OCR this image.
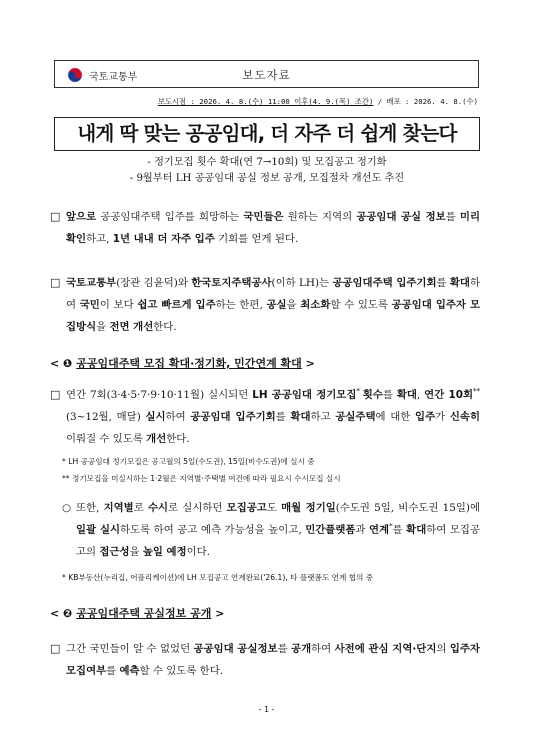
국토교통부	보도자료
보도시점 : 2026. 4. 8.(수) 11:00 이후(4. 9.(목) 조간) / 배포 : 2026. 4. 8.(수)
내게 딱 맞는 공공임대, 더 자주 더 쉽게 찾는다
- 정기모집 횟수 확대(연 7→10회) 및 모집공고 정기화
- 9월부터 LH 공공임대 공실 정보 공개, 모집절차 개선도 추진
□ 앞으로 공공임대주택 입주를 희망하는 국민들은 원하는 지역의 공공임대 공실 정보를 미리 확인하고, 1년 내내 더 자주 입주 기회를 얻게 된다.
□ 국토교통부(장관 김윤덕)와 한국토지주택공사(이하 LH)는 공공임대주택 입주기회를 확대하여 국민이 보다 쉽고 빠르게 입주하는 한편, 공실을 최소화할 수 있도록 공공임대 입주자 모집방식을 전면 개선한다.
< ❶ 공공임대주택 모집 확대·정기화, 민간연계 확대 >
□ 연간 7회(3·4·5·7·9·10·11월) 실시되던 LH 공공임대 정기모집* 횟수를 확대, 연간 10회**(3~12월, 매달) 실시하여 공공임대 입주기회를 확대하고 공실주택에 대한 입주가 신속히 이뤄질 수 있도록 개선한다.
* LH 공공임대 정기모집은 공고월의 5일(수도권), 15일(비수도권)에 실시 중
** 정기모집을 미실시하는 1·2월은 지역별·주택별 여건에 따라 필요시 수시모집 실시
○ 또한, 지역별로 수시로 실시하던 모집공고도 매월 정기일(수도권 5일, 비수도권 15일)에 일괄 실시하도록 하여 공고 예측 가능성을 높이고, 민간플랫폼과 연계*를 확대하여 모집공고의 접근성을 높일 예정이다.
* KB부동산(누리집, 어플리케이션)에 LH 모집공고 연계완료('26.1), 타 플랫폼도 연계 협의 중
< ❷ 공공임대주택 공실정보 공개 >
□ 그간 국민들이 알 수 없었던 공공임대 공실정보를 공개하여 사전에 관심 지역·단지의 입주자 모집여부를 예측할 수 있도록 한다.
- 1 -
